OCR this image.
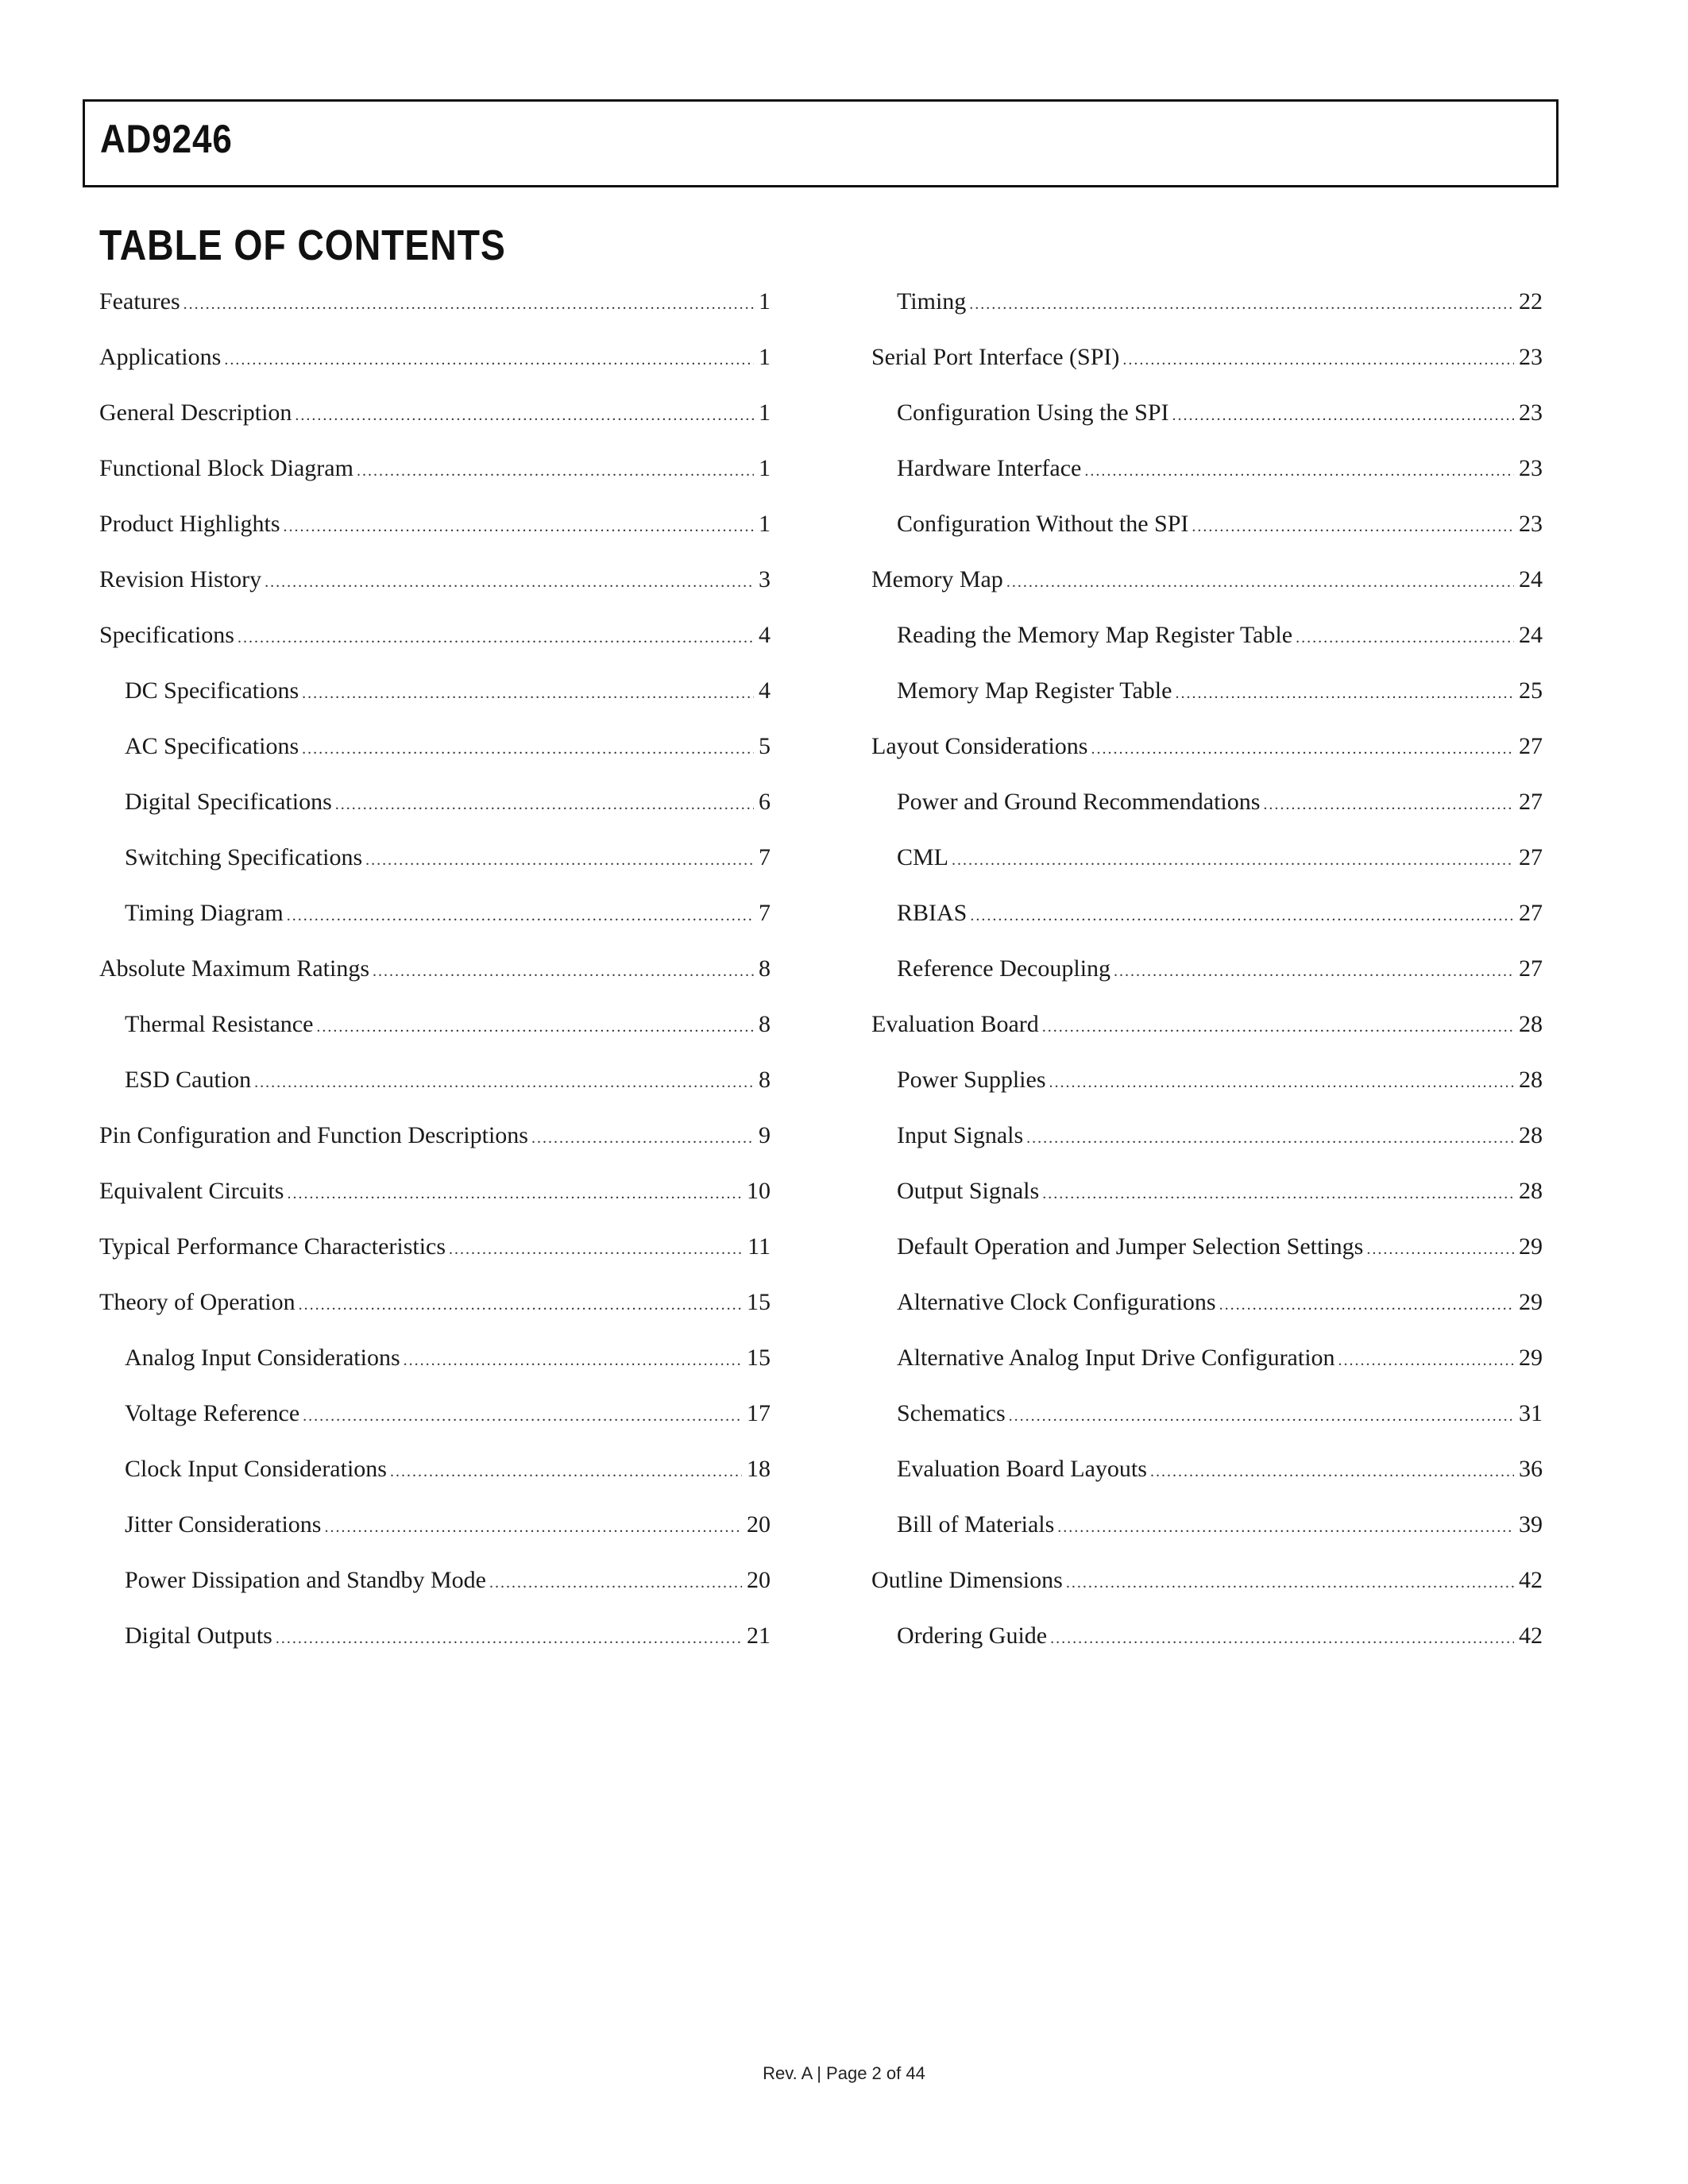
AD9246
TABLE OF CONTENTS
Features .....	1
Applications .....	1
General Description .....	1
Functional Block Diagram .....	1
Product Highlights .....	1
Revision History .....	3
Specifications .....	4
DC Specifications .....	4
AC Specifications .....	5
Digital Specifications .....	6
Switching Specifications .....	7
Timing Diagram .....	7
Absolute Maximum Ratings .....	8
Thermal Resistance .....	8
ESD Caution .....	8
Pin Configuration and Function Descriptions .....	9
Equivalent Circuits .....	10
Typical Performance Characteristics .....	11
Theory of Operation .....	15
Analog Input Considerations .....	15
Voltage Reference .....	17
Clock Input Considerations .....	18
Jitter Considerations .....	20
Power Dissipation and Standby Mode .....	20
Digital Outputs .....	21
Timing .....	22
Serial Port Interface (SPI) .....	23
Configuration Using the SPI .....	23
Hardware Interface .....	23
Configuration Without the SPI .....	23
Memory Map .....	24
Reading the Memory Map Register Table .....	24
Memory Map Register Table .....	25
Layout Considerations .....	27
Power and Ground Recommendations .....	27
CML .....	27
RBIAS .....	27
Reference Decoupling .....	27
Evaluation Board .....	28
Power Supplies .....	28
Input Signals .....	28
Output Signals .....	28
Default Operation and Jumper Selection Settings .....	29
Alternative Clock Configurations .....	29
Alternative Analog Input Drive Configuration .....	29
Schematics .....	31
Evaluation Board Layouts .....	36
Bill of Materials .....	39
Outline Dimensions .....	42
Ordering Guide .....	42
Rev. A | Page 2 of 44
